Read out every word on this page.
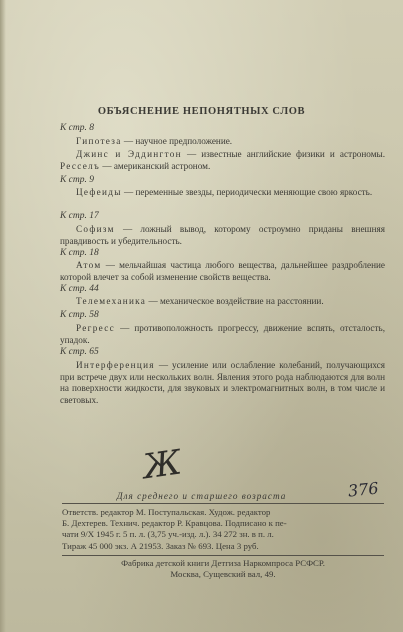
ОБЪЯСНЕНИЕ НЕПОНЯТНЫХ СЛОВ
К стр. 8
Гипотеза — научное предположение.
Джинс и Эддингтон — известные английские физики и астрономы. Ресселъ — американский астроном.
К стр. 9
Цефеиды — переменные звезды, периодически меняющие свою яркость.
К стр. 17
Софизм — ложный вывод, которому остроумно приданы внешняя правдивость и убедительность.
К стр. 18
Атом — мельчайшая частица любого вещества, дальнейшее раздробление которой влечет за собой изменение свойств вещества.
К стр. 44
Телемеханика — механическое воздействие на расстоянии.
К стр. 58
Регресс — противоположность прогрессу, движение вспять, отсталость, упадок.
К стр. 65
Интерференция — усиление или ослабление колебаний, получающихся при встрече двух или нескольких волн. Явления этого рода наблюдаются для волн на поверхности жидкости, для звуковых и электромагнитных волн, в том числе и световых.
Ж
Для среднего и старшего возраста	376
Ответств. редактор М. Поступальская. Худож. редактор
Б. Дехтерев. Технич. редактор Р. Кравцова. Подписано к пе-
чати 9/X 1945 г. 5 п. л. (3,75 уч.-изд. л.). 34 272 зн. в п. л.
Тираж 45 000 экз. А 21953. Заказ № 693. Цена 3 руб.
Фабрика детской книги Детгиза Наркомпроса РСФСР.
Москва, Сущевский вал, 49.
